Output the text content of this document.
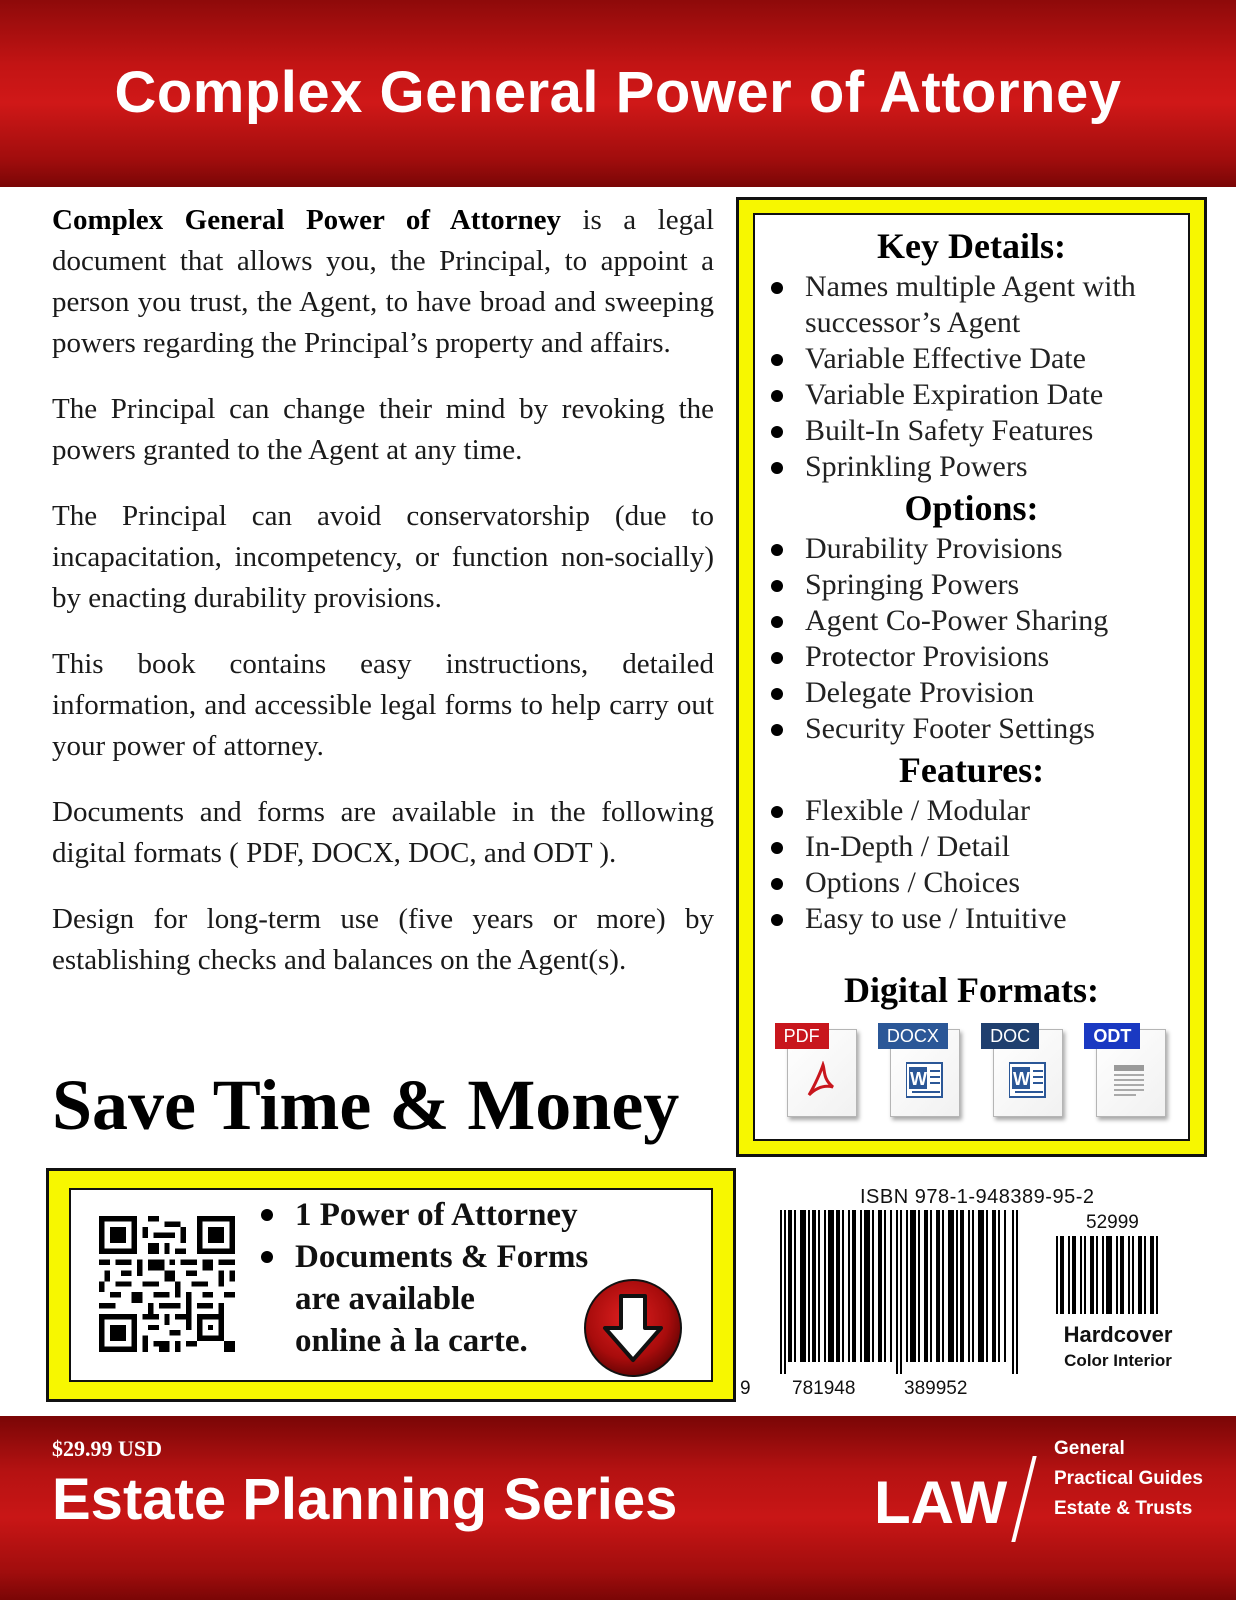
Complex General Power of Attorney

Complex General Power of Attorney is a legal document that allows you, the Principal, to appoint a person you trust, the Agent, to have broad and sweeping powers regarding the Principal’s property and affairs.

The Principal can change their mind by revoking the powers granted to the Agent at any time.

The Principal can avoid conservatorship (due to incapacitation, incompetency, or function non-socially) by enacting durability provisions.

This book contains easy instructions, detailed information, and accessible legal forms to help carry out your power of attorney.

Documents and forms are available in the following digital formats ( PDF, DOCX, DOC, and ODT ).

Design for long-term use (five years or more) by establishing checks and balances on the Agent(s).

Save Time & Money
Key Details:
Names multiple Agent with successor’s Agent
Variable Effective Date
Variable Expiration Date
Built-In Safety Features
Sprinkling Powers
Options:
Durability Provisions
Springing Powers
Agent Co-Power Sharing
Protector Provisions
Delegate Provision
Security Footer Settings
Features:
Flexible / Modular
In-Depth / Detail
Options / Choices
Easy to use / Intuitive
Digital Formats:
PDF	DOCX
W
DOC
W
ODT
1 Power of Attorney
Documents & Forms
are available
online à la carte.
ISBN 978-1-948389-95-2
52999
9 781948	389952
Hardcover
Color Interior
$29.99 USD
Estate Planning Series	LAW
General
Practical Guides
Estate & Trusts
